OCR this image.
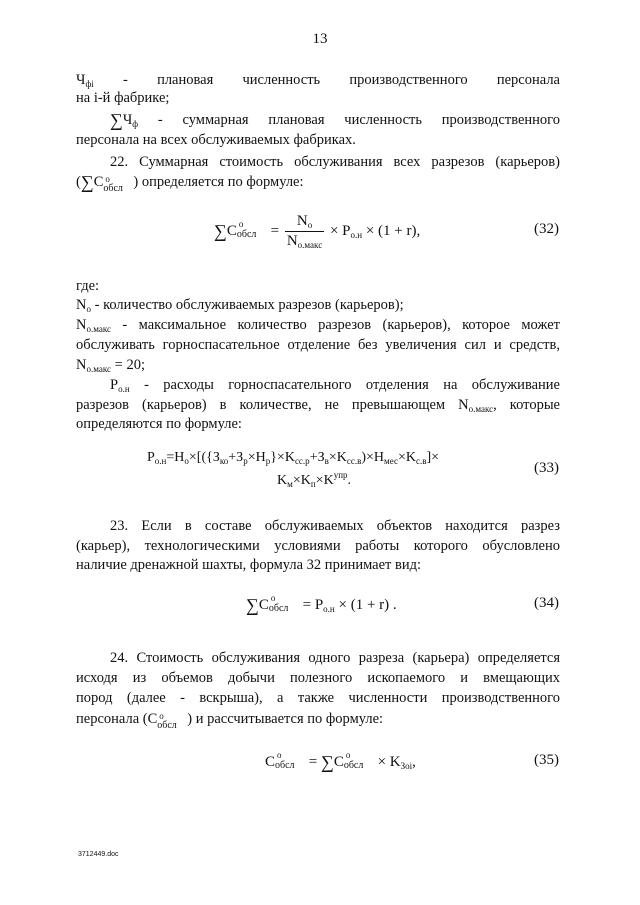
13
$Ч_{фi}$ - плановая численность производственного персонала
на i-й фабрике;
$\sum Ч_ф$ - суммарная плановая численность производственного
персонала на всех обслуживаемых фабриках.
22. Суммарная стоимость обслуживания всех разрезов (карьеров)
(∑C о
обсл ) определяется по формуле:
∑C о
обсл = $\frac{N_o}{N_{o.макс}} \times P_{о.н} \times (1 + r)$,	(32)
где:
$N_о$ - количество обслуживаемых разрезов (карьеров);
$N_{о.макс}$ - максимальное количество разрезов (карьеров), которое может
обслуживать горноспасательное отделение без увеличения сил и средств,
$N_{о.макс} = 20$;
$P_{о.н}$ - расходы горноспасательного отделения на обслуживание
разрезов (карьеров) в количестве, не превышающем $N_{о.макс}$, которые
определяются по формуле:
$P_{о.н}=H_о\times[(\{З_{ко}+З_р\times H_р\}\times K_{сс.р}+З_в\times K_{сс.в})\times H_{мес}\times K_{с.в}]\times$
$K_м\times K_п\times K^{упр}$.
(33)
23. Если в составе обслуживаемых объектов находится разрез
(карьер), технологическими условиями работы которого обусловлено
наличие дренажной шахты, формула 32 принимает вид:
∑C о
обсл = $P_{о.н} \times (1 + r)$ .	(34)
24. Стоимость обслуживания одного разреза (карьера) определяется
исходя из объемов добычи полезного ископаемого и вмещающих
пород (далее - вскрыша), а также численности производственного
персонала (C о
обсл ) и рассчитывается по формуле:
C о
обсл = ∑C о
обсл × $K_{Зоi}$,	(35)
3712449.doc
